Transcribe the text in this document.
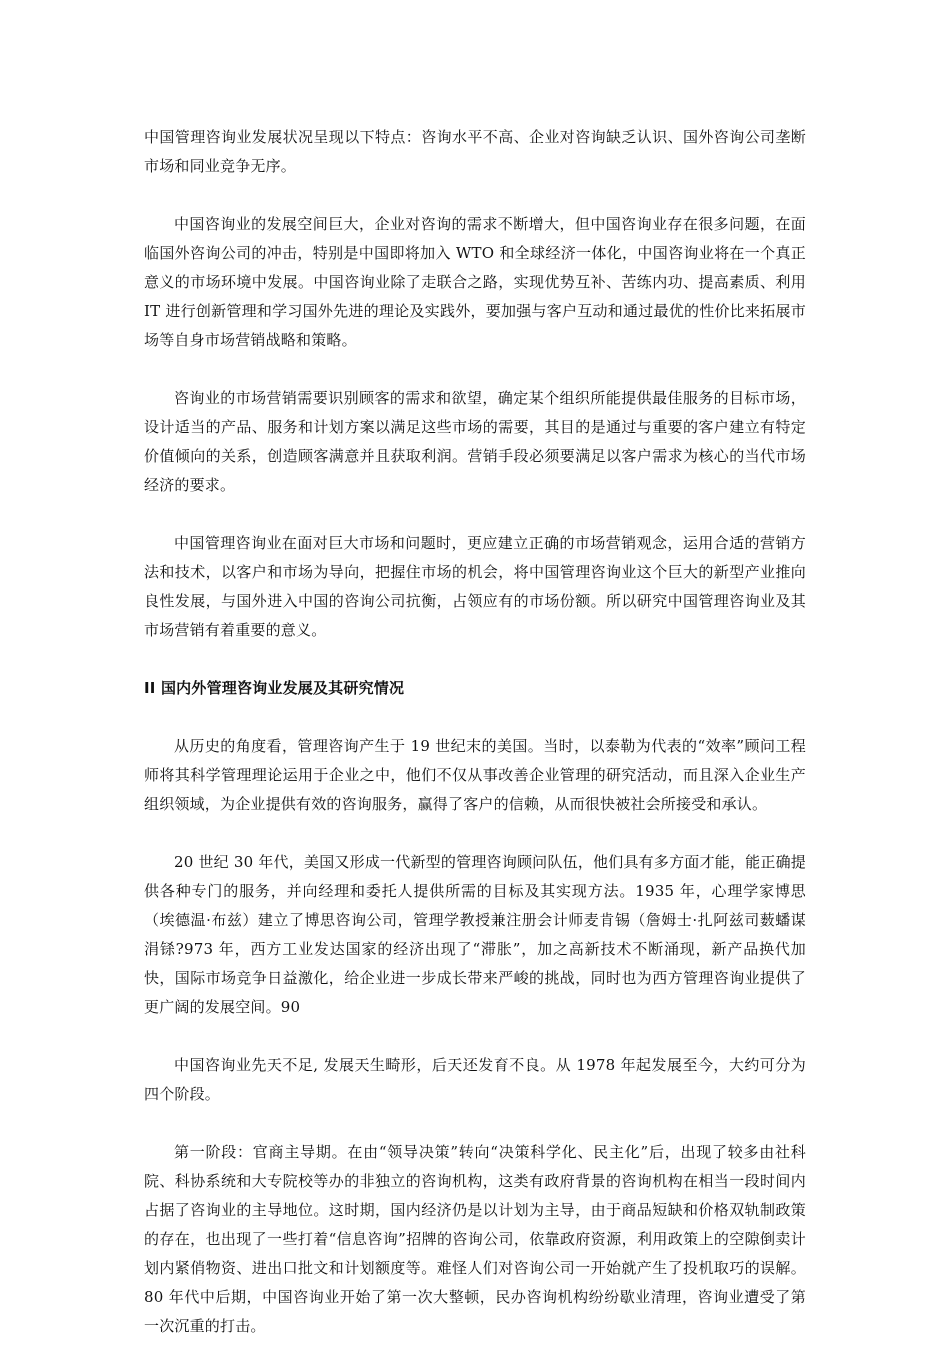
中国管理咨询业发展状况呈现以下特点：咨询水平不高、企业对咨询缺乏认识、国外咨询公司垄断市场和同业竞争无序。

中国咨询业的发展空间巨大，企业对咨询的需求不断增大，但中国咨询业存在很多问题，在面临国外咨询公司的冲击，特别是中国即将加入 WTO 和全球经济一体化，中国咨询业将在一个真正意义的市场环境中发展。中国咨询业除了走联合之路，实现优势互补、苦练内功、提高素质、利用 IT 进行创新管理和学习国外先进的理论及实践外，要加强与客户互动和通过最优的性价比来拓展市场等自身市场营销战略和策略。

咨询业的市场营销需要识别顾客的需求和欲望，确定某个组织所能提供最佳服务的目标市场，设计适当的产品、服务和计划方案以满足这些市场的需要，其目的是通过与重要的客户建立有特定价值倾向的关系，创造顾客满意并且获取利润。营销手段必须要满足以客户需求为核心的当代市场经济的要求。

中国管理咨询业在面对巨大市场和问题时，更应建立正确的市场营销观念，运用合适的营销方法和技术，以客户和市场为导向，把握住市场的机会，将中国管理咨询业这个巨大的新型产业推向良性发展，与国外进入中国的咨询公司抗衡，占领应有的市场份额。所以研究中国管理咨询业及其市场营销有着重要的意义。

II 国内外管理咨询业发展及其研究情况

从历史的角度看，管理咨询产生于 19 世纪末的美国。当时，以泰勒为代表的“效率”顾问工程师将其科学管理理论运用于企业之中，他们不仅从事改善企业管理的研究活动，而且深入企业生产组织领域，为企业提供有效的咨询服务，赢得了客户的信赖，从而很快被社会所接受和承认。

20 世纪 30 年代，美国又形成一代新型的管理咨询顾问队伍，他们具有多方面才能，能正确提供各种专门的服务，并向经理和委托人提供所需的目标及其实现方法。1935 年，心理学家博思（埃德温·布兹）建立了博思咨询公司，管理学教授兼注册会计师麦肯锡（詹姆士·扎阿兹司薮蟠谋涓铩?973 年，西方工业发达国家的经济出现了“滞胀”，加之高新技术不断涌现，新产品换代加快，国际市场竞争日益激化，给企业进一步成长带来严峻的挑战，同时也为西方管理咨询业提供了更广阔的发展空间。90

中国咨询业先天不足, 发展天生畸形，后天还发育不良。从 1978 年起发展至今，大约可分为四个阶段。

第一阶段：官商主导期。在由“领导决策”转向“决策科学化、民主化”后，出现了较多由社科院、科协系统和大专院校等办的非独立的咨询机构，这类有政府背景的咨询机构在相当一段时间内占据了咨询业的主导地位。这时期，国内经济仍是以计划为主导，由于商品短缺和价格双轨制政策的存在，也出现了一些打着“信息咨询”招牌的咨询公司，依靠政府资源，利用政策上的空隙倒卖计划内紧俏物资、进出口批文和计划额度等。难怪人们对咨询公司一开始就产生了投机取巧的误解。80 年代中后期，中国咨询业开始了第一次大整顿，民办咨询机构纷纷歇业清理，咨询业遭受了第一次沉重的打击。
